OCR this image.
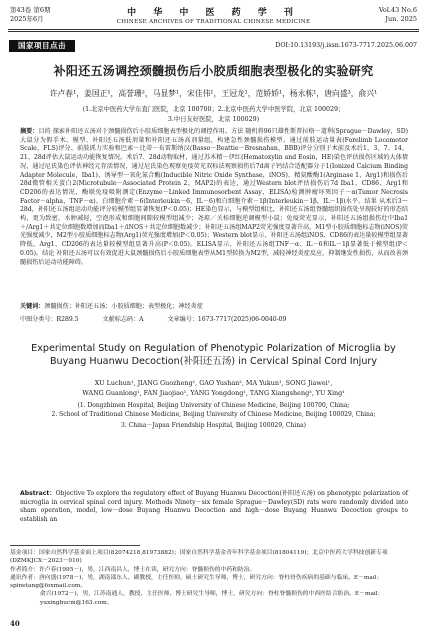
第43卷 第6期
2025年6月
中 华 中 医 药 学 刊
CHINESE ARCHIVES OF TRADITIONAL CHINESE MEDICINE
Vol.43 No.6
Jun. 2025
国家项目点击	DOI:10.13193/j.issn.1673-7717.2025.06.007
补阳还五汤调控颈髓损伤后小胶质细胞表型极化的实验研究
许卢春¹，姜国正¹，高誉珊²，马显梦¹，宋佳伟¹，王冠龙¹，范娇娇¹，杨永栋¹，唐向盛³，俞兴¹
(1.北京中医药大学东直门医院，北京 100700；2.北京中医药大学中医学院，北京 100029；
3.中日友好医院，北京 100029)
摘要：目的 探索补阳还五汤对于颈髓损伤后小胶质细胞表型极化的调控作用。方法 随机将96只雄性斯普拉格－道利(Sprague－Dawley，SD)大鼠分为假手术、模型、补阳还五汤低剂量和补阳还五汤高剂量组，构建急性颈髓损伤模型。通过前肢运动量表(Forelimb Locomotor Scale，FLS)评分、前肢抓力实验和巴索－比蒂－布雷斯纳汉(Basso－Beattie－Bresnahan，BBB)评分分别于术前及术后1、3、7、14、21、28d评估大鼠运动功能恢复情况。术后7、28d动物取材，通过苏木精－伊红(Hematoxylin and Eosin，HE)染色评估损伤区域的大体情况，通过尼氏染色评估神经元存活情况，通过尼氏染色观察免疫荧光双标法观察损伤后7d离子钙结合适配器分子1(Ionized Calcium Binding Adapter Molecule，Iba1)、诱导型一氧化氮合酶(Inducible Nitric Oxide Synthase，iNOS)、精氨酸酶1(Arginase 1，Arg1)和损伤后28d微管相关蛋白2(Microtubule－Associated Protein 2，MAP2)的表达，通过Western blot评估损伤后7d Iba1、CD86、Arg1和CD206的表达情况，酶联免疫吸附测定(Enzyme－Linked Immunosorbent Assay，ELISA)检测肿瘤坏死因子－α(Tumor Necrosis Factor－alpha，TNF－α)、白细胞介素－6(Interleukin－6，IL－6)和白细胞介素－1β(Interleukin－1β，IL－1β)水平。结果 从术后3～28d，补阳还五汤组运动功能评分较模型组显著恢复(P＜0.05)；HE染色显示，与模型组相比，补阳还五汤组脊髓组织损伤处呈现较好的形态结构，更为致密，水肿减轻，空泡形成和细胞间隙较模型组减少；尧琼／关桂细胞逆调模型小鼠；免疫荧光显示，补阳还五汤组损伤灶中Iba1＋/Arg1＋共定位细胞数增加而Iba1＋/iNOS＋共定位细胞数减少；补阳还五汤组MAP2荧光强度显著升高，M1型小胶质细胞标志物(iNOS)荧光强度减少，M2型小胶质细胞标志物(Arg1)荧光强度增加(P＜0.05)；Western blot显示，补阳还五汤组iNOS、CD86的表达量较模型组显著降低，Arg1、CD206的表达量较模型组显著升高(P＜0.05)。ELISA显示，补阳还五汤组TNF－α、IL－6和IL－1β显著低于模型组(P＜0.05)。结论 补阳还五汤可以有效促进大鼠颈髓损伤后小胶质细胞表型从M1型转换为M2型，减轻神经炎症反应，抑制继发性损伤，从而改善颈髓损伤后运动功能障碍。
关键词：颈髓损伤；补阳还五汤；小胶质细胞；表型极化；神经炎症
中图分类号：R289.5	文献标志码：A	文章编号：1673-7717(2025)06-0040-09
Experimental Study on Regulation of Phenotypic Polarization of Microglia by
Buyang Huanwu Decoction(补阳还五汤) in Cervical Spinal Cord Injury
XU Luchun¹, JIANG Guozheng¹, GAO Yushan², MA Yukun¹, SONG Jiawei¹,
WANG Guanlong¹, FAN Jiaojiao¹, YANG Yongdong¹, TANG Xiangsheng³, YU Xing¹
(1. Dongzhimen Hospital, Beijing University of Chinese Medicine, Beijing 100700, China;
2. School of Traditional Chinese Medicine, Beijing University of Chinese Medicine, Beijing 100029, China;
3. China－Japan Friendship Hospital, Beijing 100029, China)
Abstract：Objective To explore the regulatory effect of Buyang Huanwu Decoction(补阳还五汤) on phenotypic polarization of microglia in cervical spinal cord injury. Methods Ninety－six female Sprague－Dawley(SD) rats were randomly divided into sham operation, model, low－dose Buyang Huanwu Decoction and high－dose Buyang Huanwu Decoction groups to establish an
基金项目：国家自然科学基金面上项目(82074218,81973882)；国家自然科学基金青年科学基金项目(81804119)；北京中医药大学科技创新专项(DZMKJCX－2023－010)
作者简介：许卢春(1995－)，男，江西南昌人，博士在读，研究方向：脊髓损伤的中药和防治。
通讯作者：唐向盛(1978－)，男，湖南邵东人，副教授，主任医师，硕士研究生导师，博士，研究方向：脊柱骨伤疾病的基础与临床。E－mail：spinetang@foxmail.com。
俞兴(1972－)，男，江苏南通人，教授，主任医师，博士研究生导师，博士，研究方向：脊柱脊髓损伤的中西医结合防治。E－mail：yuxingbucm@163.com。
40
